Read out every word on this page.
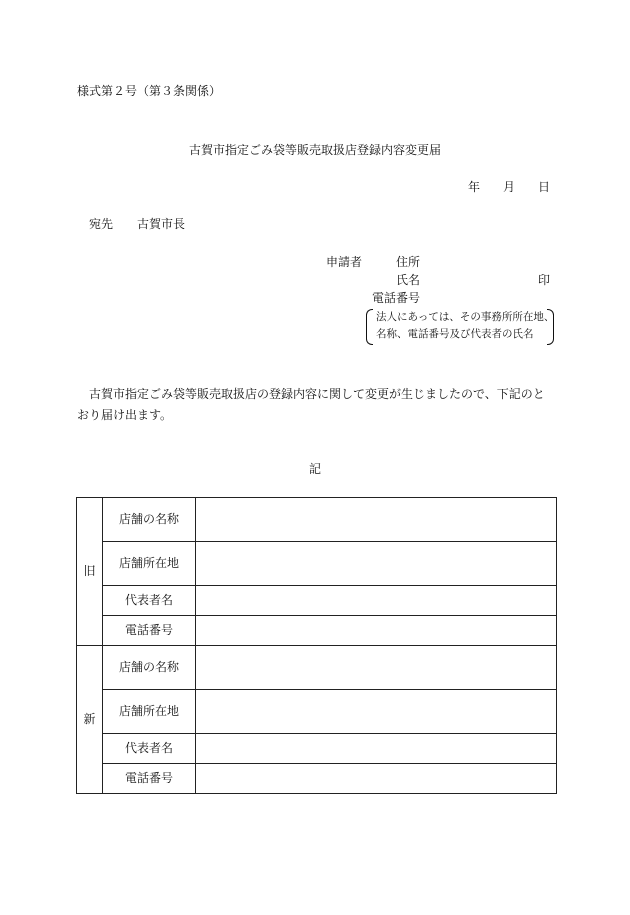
様式第２号（第３条関係）
古賀市指定ごみ袋等販売取扱店登録内容変更届
年 月 日
宛先 古賀市長
申請者	住所
氏名	印
電話番号
法人にあっては、その事務所所在地、
名称、電話番号及び代表者の氏名
古賀市指定ごみ袋等販売取扱店の登録内容に関して変更が生じましたので、下記のとおり届け出ます。
記
旧	店舗の名称	
	店舗所在地	
	代表者名	
	電話番号	
新	店舗の名称	
	店舗所在地	
	代表者名	
	電話番号	
